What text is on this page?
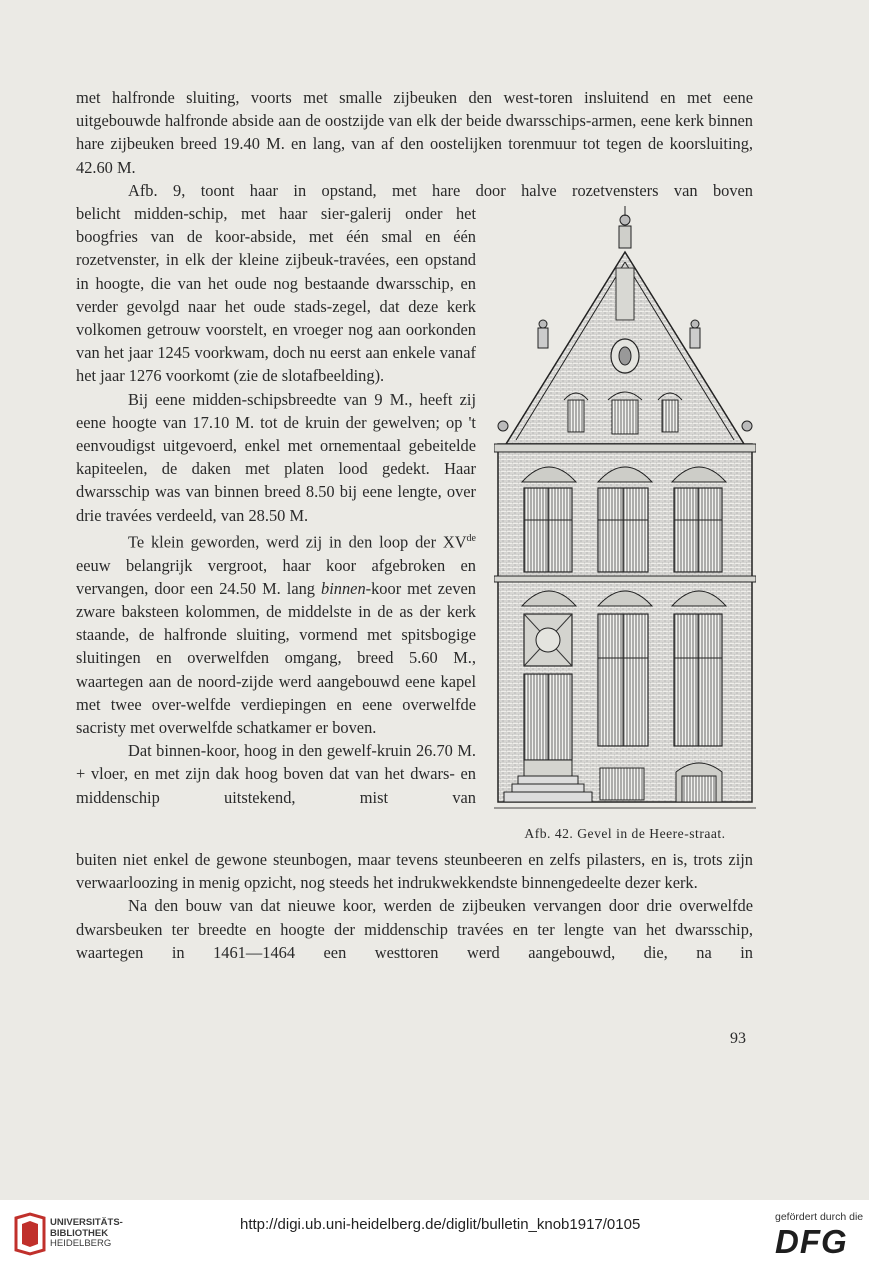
met halfronde sluiting, voorts met smalle zijbeuken den west-toren insluitend en met eene uitgebouwde halfronde abside aan de oostzijde van elk der beide dwarsschips-armen, eene kerk binnen hare zijbeuken breed 19.40 M. en lang, van af den oostelijken torenmuur tot tegen de koorsluiting, 42.60 M.

Afb. 9, toont haar in opstand, met hare door halve rozetvensters van boven

belicht midden-schip, met haar sier-galerij onder het boogfries van de koor-abside, met één smal en één rozetvenster, in elk der kleine zijbeuk-travées, een opstand in hoogte, die van het oude nog bestaande dwarsschip, en verder gevolgd naar het oude stads-zegel, dat deze kerk volkomen getrouw voorstelt, en vroeger nog aan oorkonden van het jaar 1245 voorkwam, doch nu eerst aan enkele vanaf het jaar 1276 voorkomt (zie de slotafbeelding).

Bij eene midden-schipsbreedte van 9 M., heeft zij eene hoogte van 17.10 M. tot de kruin der gewelven; op 't eenvoudigst uitgevoerd, enkel met ornementaal gebeitelde kapiteelen, de daken met platen lood gedekt. Haar dwarsschip was van binnen breed 8.50 bij eene lengte, over drie travées verdeeld, van 28.50 M.

Te klein geworden, werd zij in den loop der XVde eeuw belangrijk vergroot, haar koor afgebroken en vervangen, door een 24.50 M. lang binnen-koor met zeven zware baksteen kolommen, de middelste in de as der kerk staande, de halfronde sluiting, vormend met spitsbogige sluitingen en overwelfden omgang, breed 5.60 M., waartegen aan de noord-zijde werd aangebouwd eene kapel met twee over-welfde verdiepingen en eene overwelfde sacristy met overwelfde schatkamer er boven.

Dat binnen-koor, hoog in den gewelf-kruin 26.70 M. + vloer, en met zijn dak hoog boven dat van het dwars- en middenschip uitstekend, mist van

Afb. 42. Gevel in de Heere-straat.

buiten niet enkel de gewone steunbogen, maar tevens steunbeeren en zelfs pilasters, en is, trots zijn verwaarloozing in menig opzicht, nog steeds het indrukwekkendste binnengedeelte dezer kerk.

Na den bouw van dat nieuwe koor, werden de zijbeuken vervangen door drie overwelfde dwarsbeuken ter breedte en hoogte der middenschip travées en ter lengte van het dwarsschip, waartegen in 1461—1464 een westtoren werd aangebouwd, die, na in

93
UNIVERSITÄTS-
BIBLIOTHEK
HEIDELBERG
http://digi.ub.uni-heidelberg.de/diglit/bulletin_knob1917/0105	gefördert durch die
DFG
